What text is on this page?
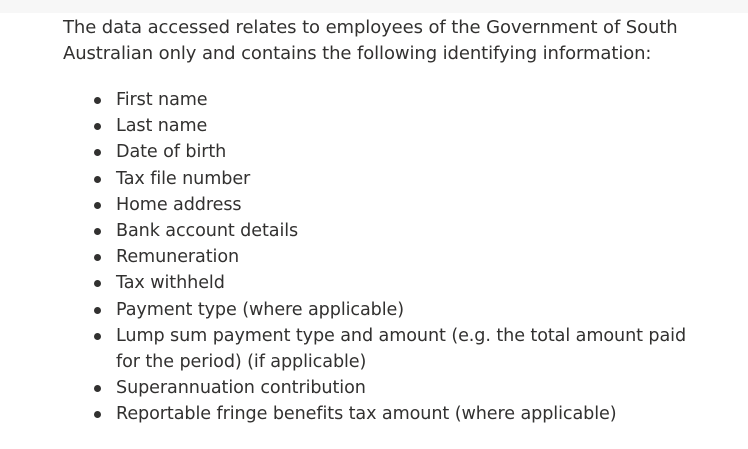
The data accessed relates to employees of the Government of South Australian only and contains the following identifying information:

First name
Last name
Date of birth
Tax file number
Home address
Bank account details
Remuneration
Tax withheld
Payment type (where applicable)
Lump sum payment type and amount (e.g. the total amount paid for the period) (if applicable)
Superannuation contribution
Reportable fringe benefits tax amount (where applicable)
